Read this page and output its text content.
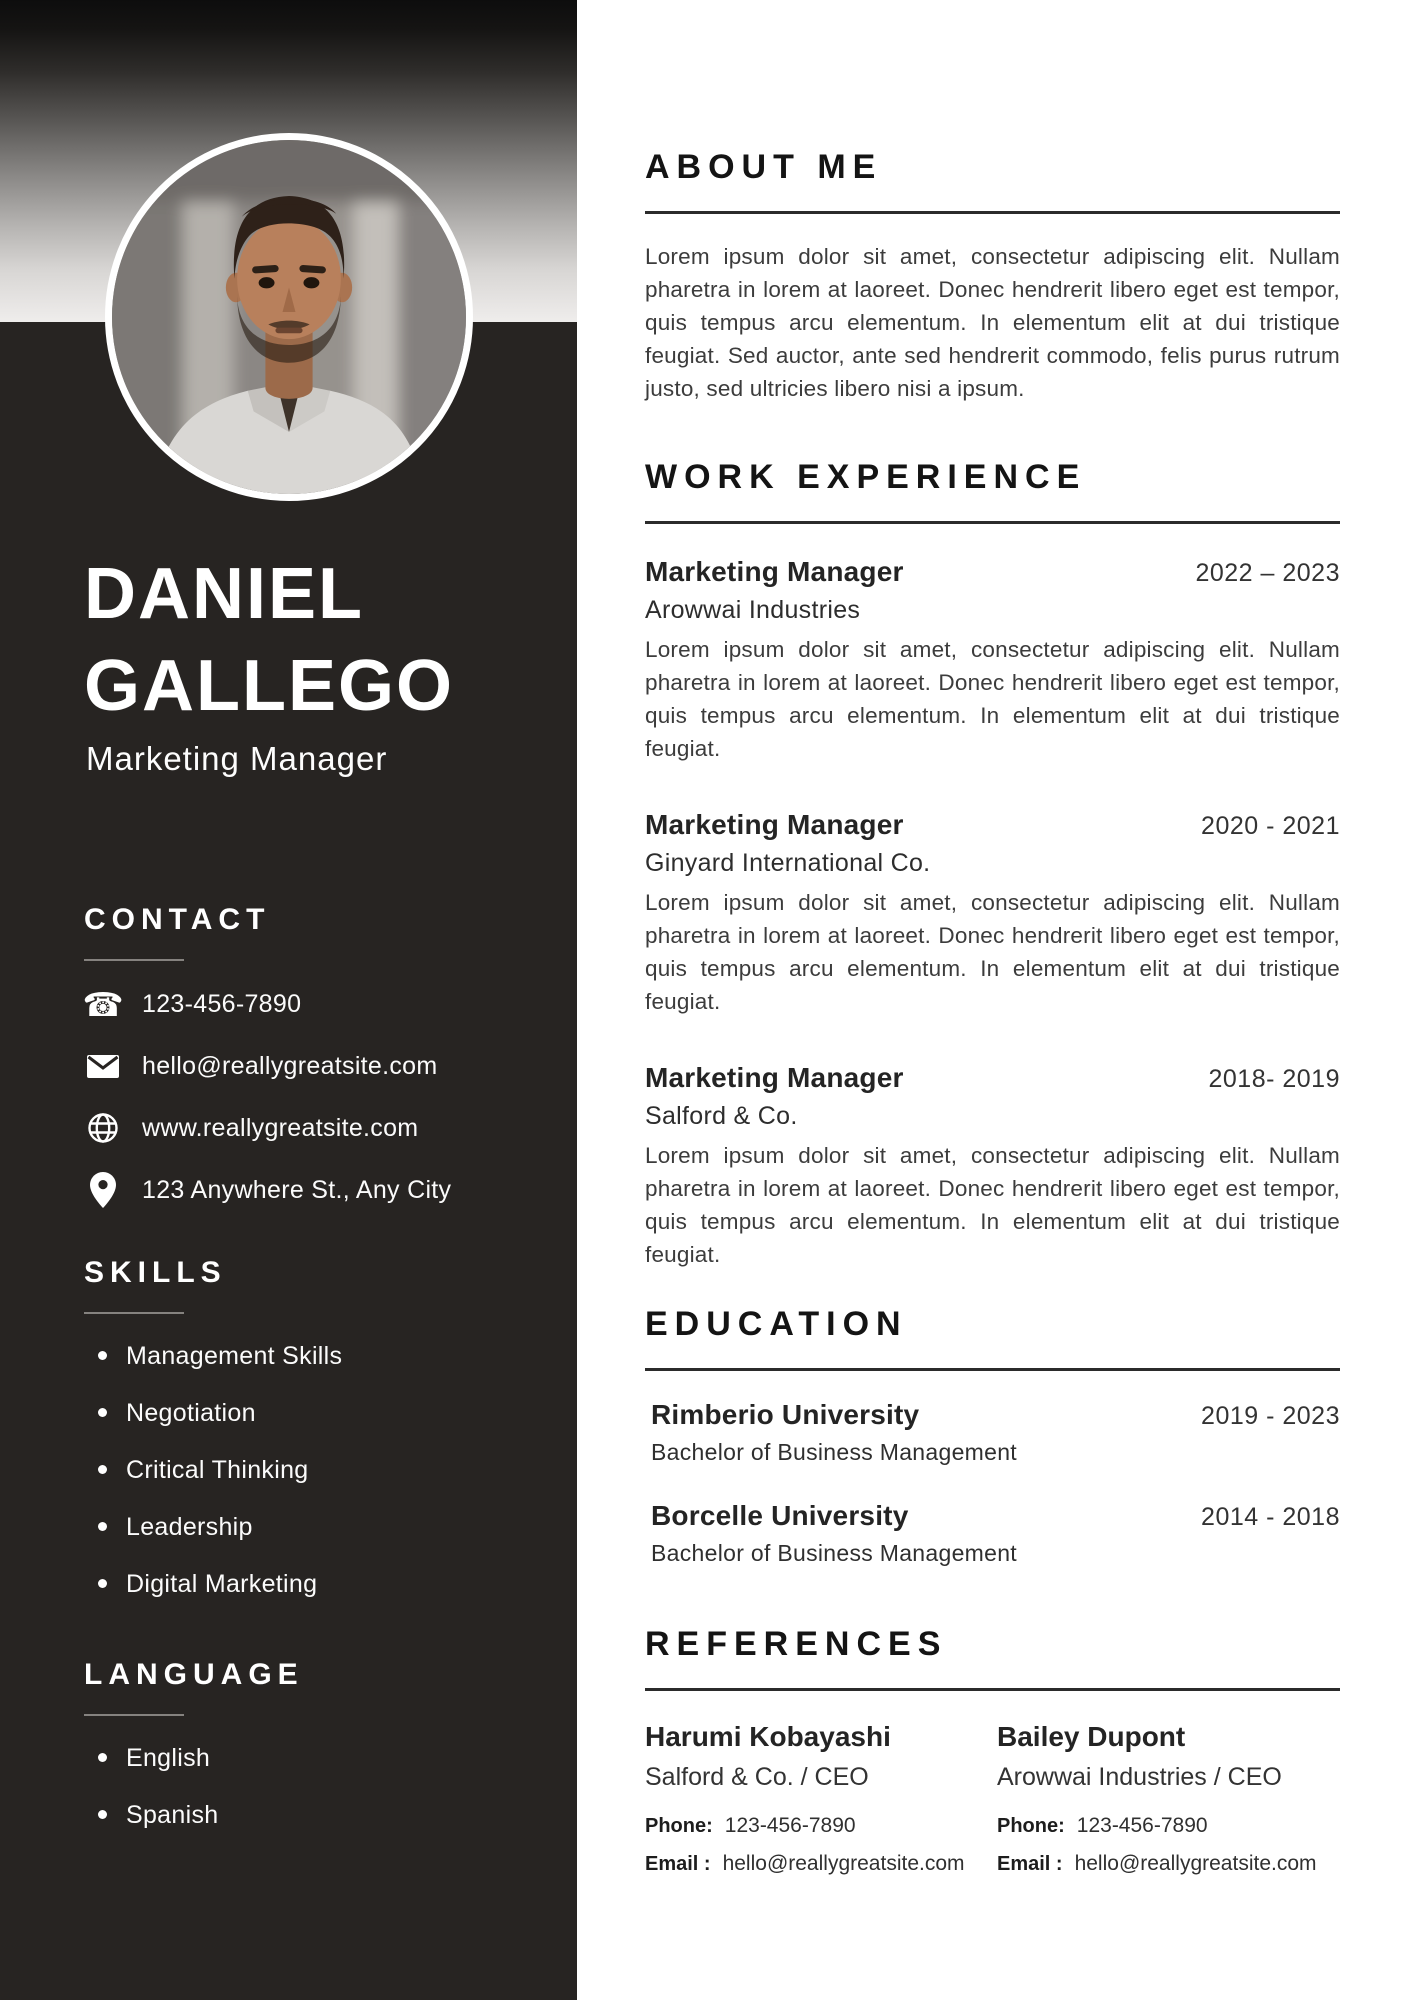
DANIEL
GALLEGO
Marketing Manager
CONTACT
☎ 123-456-7890
hello@reallygreatsite.com
www.reallygreatsite.com
123 Anywhere St., Any City
SKILLS
Management Skills
Negotiation
Critical Thinking
Leadership
Digital Marketing
LANGUAGE
English
Spanish
ABOUT ME

Lorem ipsum dolor sit amet, consectetur adipiscing elit. Nullam pharetra in lorem at laoreet. Donec hendrerit libero eget est tempor, quis tempus arcu elementum. In elementum elit at dui tristique feugiat. Sed auctor, ante sed hendrerit commodo, felis purus rutrum justo, sed ultricies libero nisi a ipsum.

WORK EXPERIENCE
Marketing Manager	2022 – 2023
Arowwai Industries

Lorem ipsum dolor sit amet, consectetur adipiscing elit. Nullam pharetra in lorem at laoreet. Donec hendrerit libero eget est tempor, quis tempus arcu elementum. In elementum elit at dui tristique feugiat.

Marketing Manager	2020 - 2021
Ginyard International Co.

Lorem ipsum dolor sit amet, consectetur adipiscing elit. Nullam pharetra in lorem at laoreet. Donec hendrerit libero eget est tempor, quis tempus arcu elementum. In elementum elit at dui tristique feugiat.

Marketing Manager	2018- 2019
Salford & Co.

Lorem ipsum dolor sit amet, consectetur adipiscing elit. Nullam pharetra in lorem at laoreet. Donec hendrerit libero eget est tempor, quis tempus arcu elementum. In elementum elit at dui tristique feugiat.

EDUCATION
Rimberio University	2019 - 2023
Bachelor of Business Management
Borcelle University	2014 - 2018
Bachelor of Business Management
REFERENCES
Harumi Kobayashi
Salford & Co. / CEO
Phone: 123-456-7890
Email : hello@reallygreatsite.com
Bailey Dupont
Arowwai Industries / CEO
Phone: 123-456-7890
Email : hello@reallygreatsite.com
